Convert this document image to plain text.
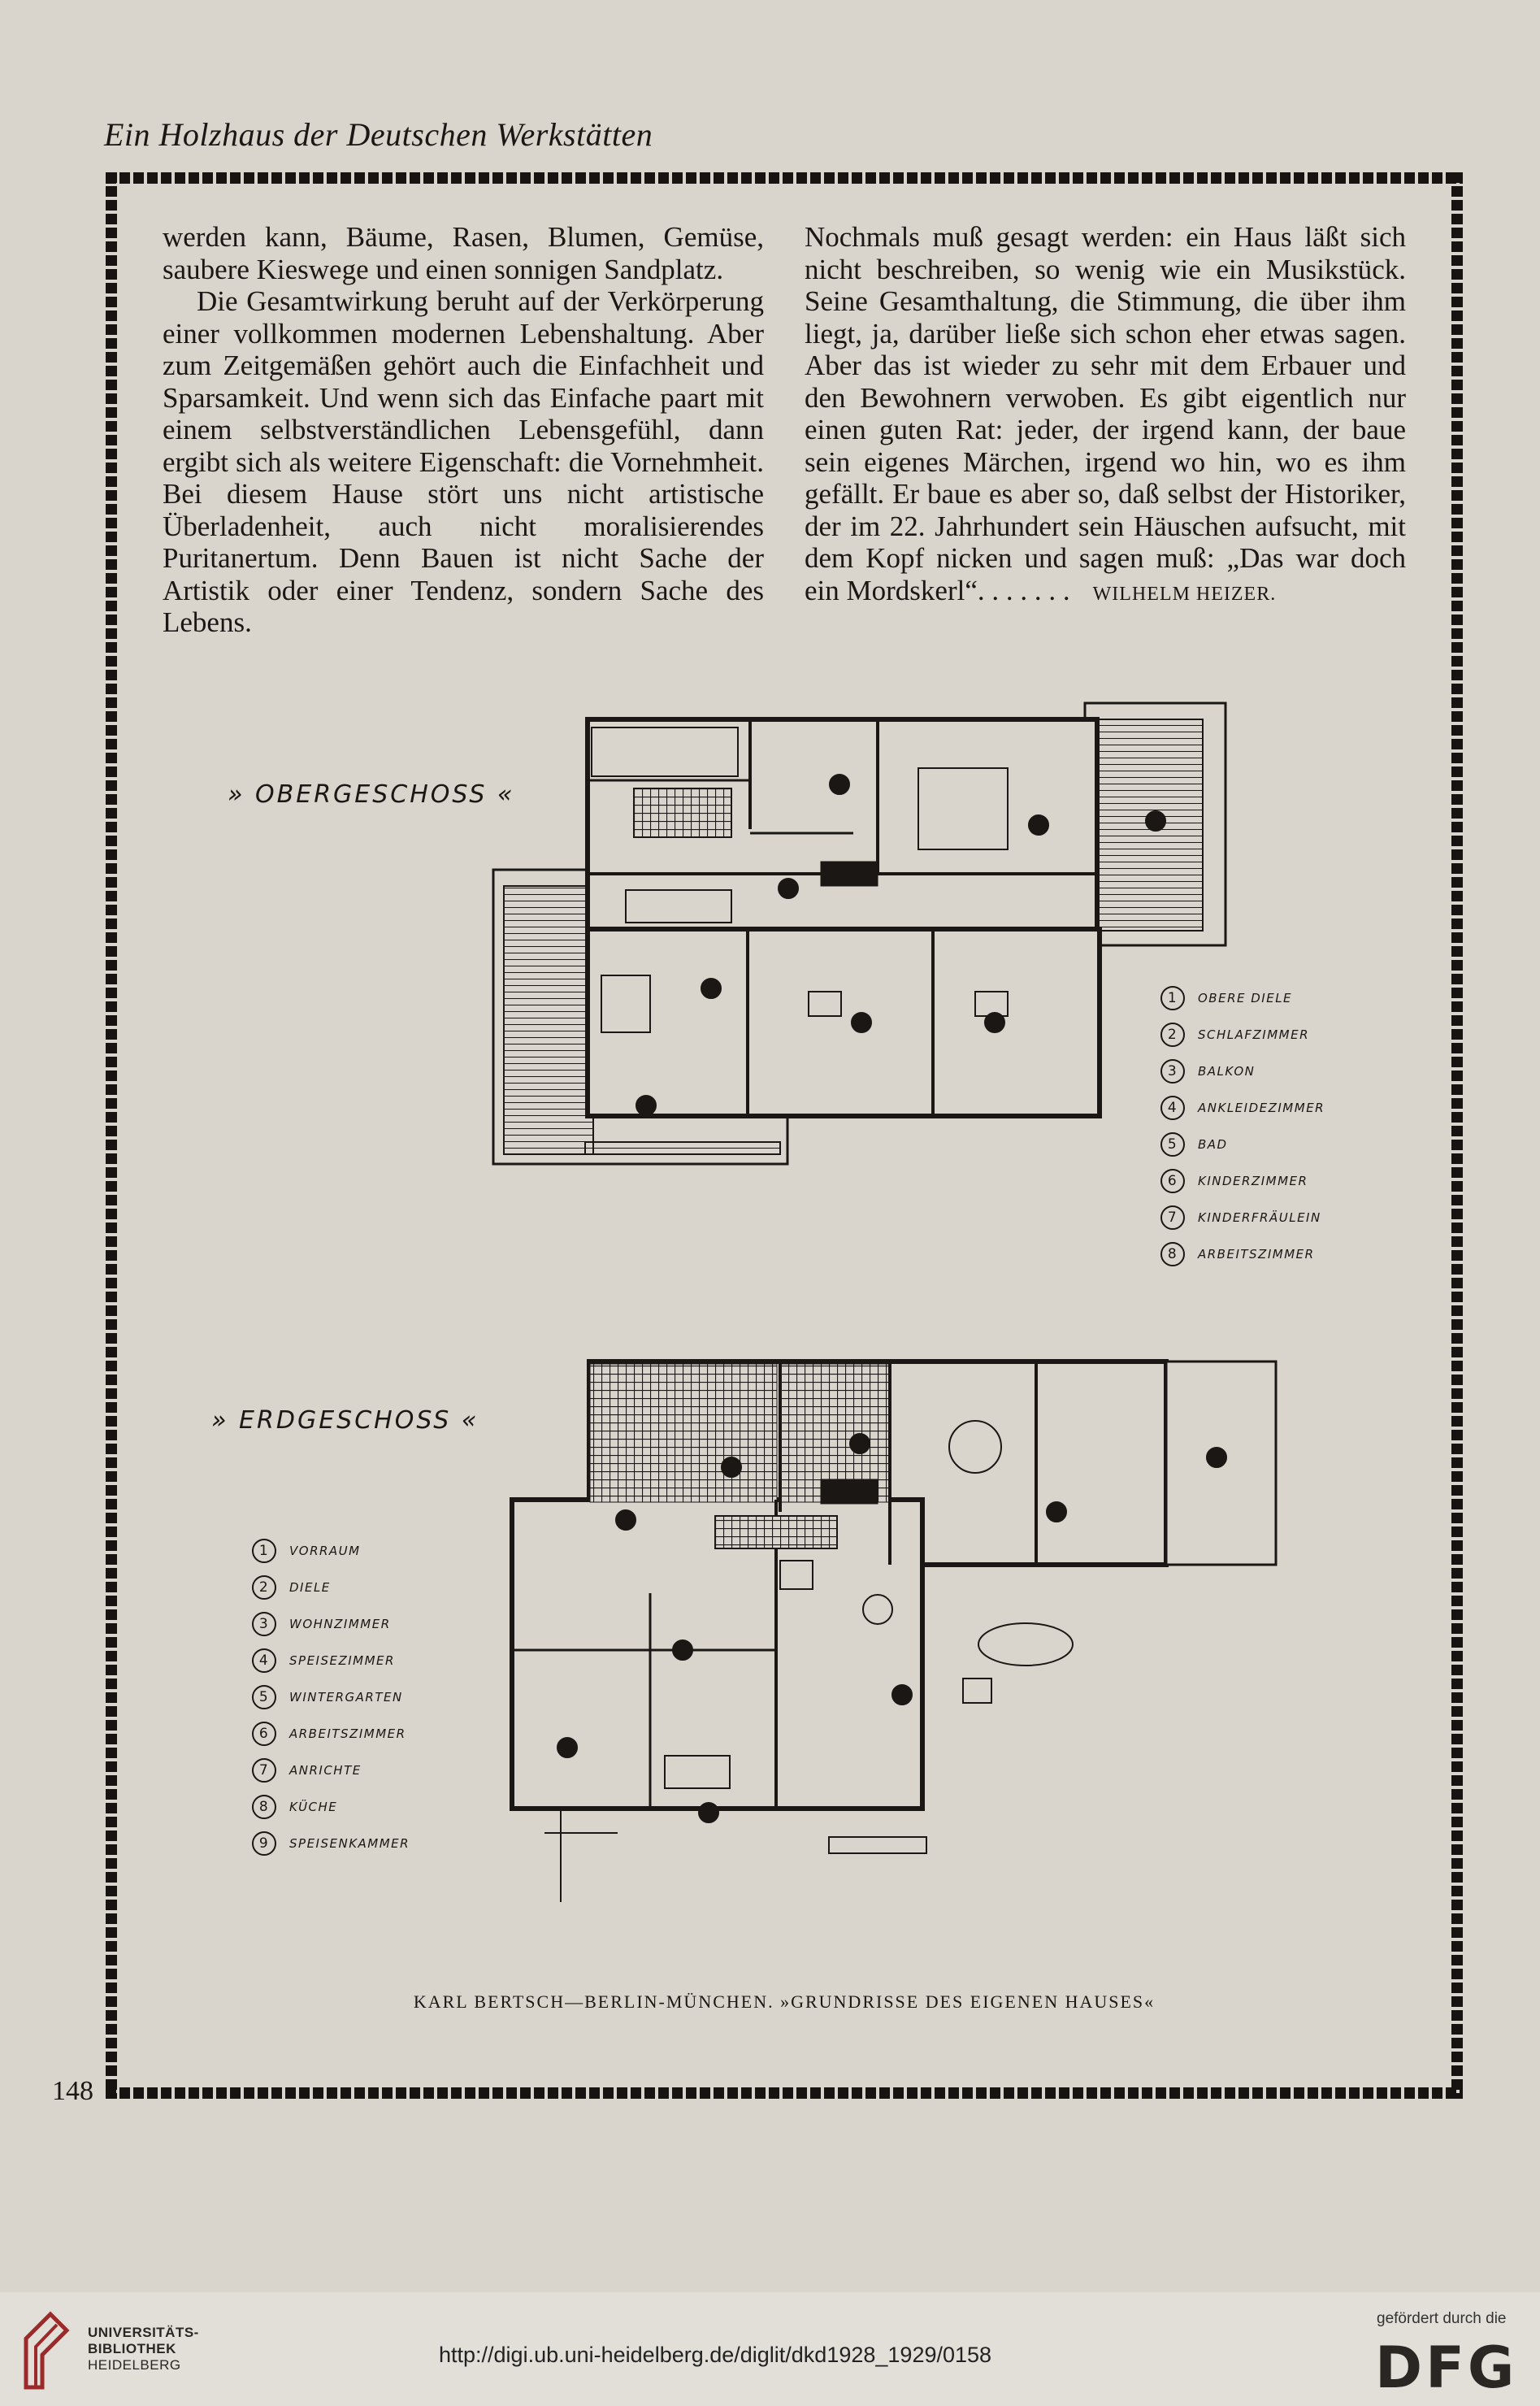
Ein Holzhaus der Deutschen Werkstätten

werden kann, Bäume, Rasen, Blumen, Gemüse, saubere Kieswege und einen sonnigen Sandplatz.

Die Gesamtwirkung beruht auf der Verkörperung einer vollkommen modernen Lebenshaltung. Aber zum Zeitgemäßen gehört auch die Einfachheit und Sparsamkeit. Und wenn sich das Einfache paart mit einem selbstverständlichen Lebensgefühl, dann ergibt sich als weitere Eigenschaft: die Vornehmheit. Bei diesem Hause stört uns nicht artistische Überladenheit, auch nicht moralisierendes Puritanertum. Denn Bauen ist nicht Sache der Artistik oder einer Tendenz, sondern Sache des Lebens.

Nochmals muß gesagt werden: ein Haus läßt sich nicht beschreiben, so wenig wie ein Musikstück. Seine Gesamthaltung, die Stimmung, die über ihm liegt, ja, darüber ließe sich schon eher etwas sagen. Aber das ist wieder zu sehr mit dem Erbauer und den Bewohnern verwoben. Es gibt eigentlich nur einen guten Rat: jeder, der irgend kann, der baue sein eigenes Märchen, irgend wo hin, wo es ihm gefällt. Er baue es aber so, daß selbst der Historiker, der im 22. Jahrhundert sein Häuschen aufsucht, mit dem Kopf nicken und sagen muß: „Das war doch ein Mordskerl“. . . . . . . WILHELM HEIZER.

» OBERGESCHOSS «
» ERDGESCHOSS «
1	OBERE DIELE
2	SCHLAFZIMMER
3	BALKON
4	ANKLEIDEZIMMER
5	BAD
6	KINDERZIMMER
7	KINDERFRÄULEIN
8	ARBEITSZIMMER
1	VORRAUM
2	DIELE
3	WOHNZIMMER
4	SPEISEZIMMER
5	WINTERGARTEN
6	ARBEITSZIMMER
7	ANRICHTE
8	KÜCHE
9	SPEISENKAMMER
KARL BERTSCH—BERLIN-MÜNCHEN. »GRUNDRISSE DES EIGENEN HAUSES«
148
UNIVERSITÄTS-
BIBLIOTHEK
HEIDELBERG	http://digi.ub.uni-heidelberg.de/diglit/dkd1928_1929/0158
gefördert durch die
DFG
